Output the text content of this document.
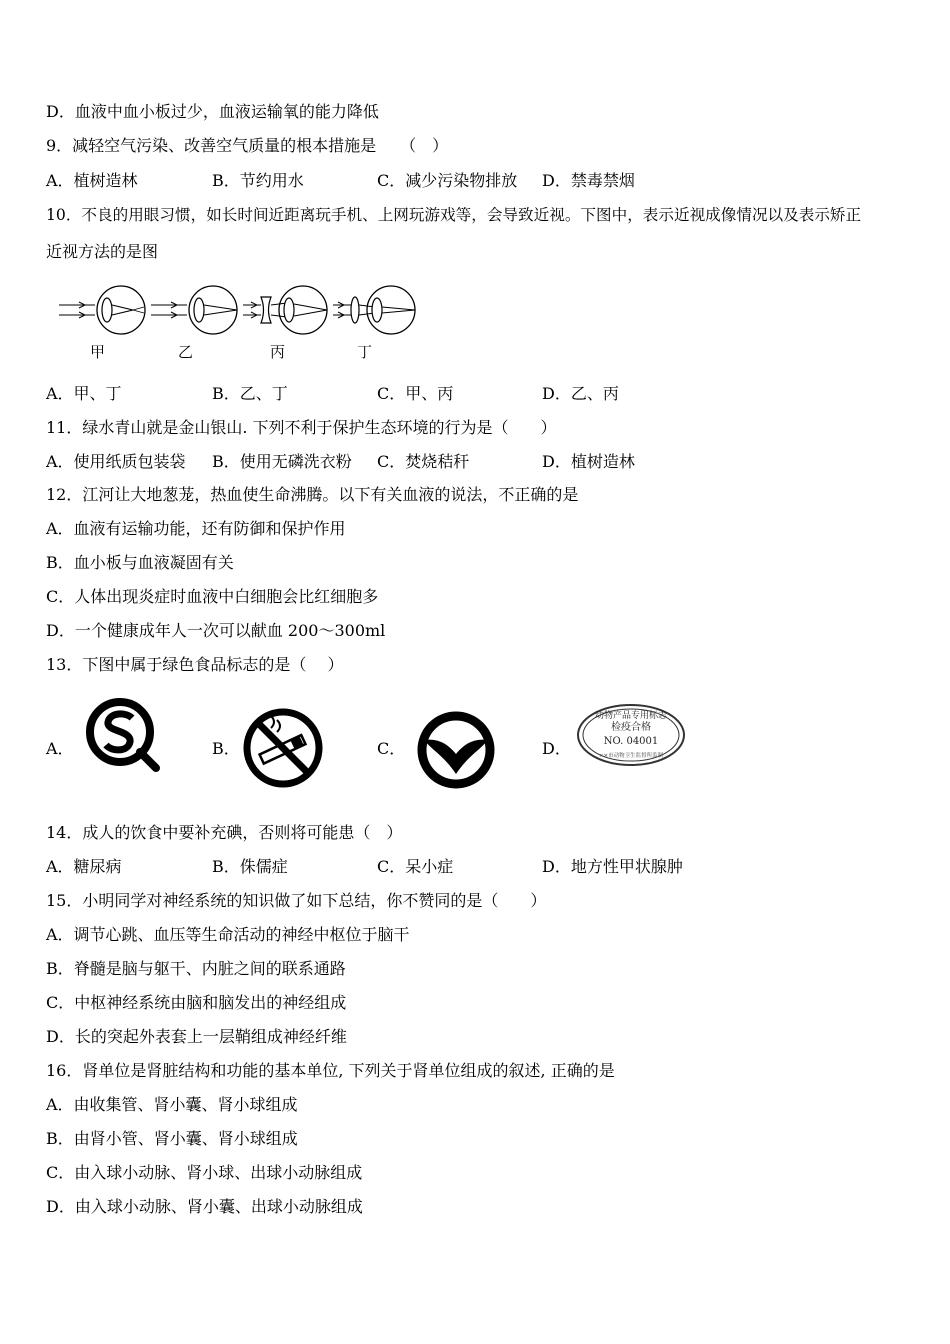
D．血液中血小板过少，血液运输氧的能力降低
9．减轻空气污染、改善空气质量的根本措施是　　（　）
A．植树造林	B．节约用水	C．减少污染物排放 D．禁毒禁烟
10．不良的用眼习惯，如长时间近距离玩手机、上网玩游戏等，会导致近视。下图中，表示近视成像情况以及表示矫正
近视方法的是图
甲	乙	丙	丁
A．甲、丁	B．乙、丁	C．甲、丙	D．乙、丙
11．绿水青山就是金山银山. 下列不利于保护生态环境的行为是（　　）
A．使用纸质包装袋 B．使用无磷洗衣粉 C．焚烧秸秆	D．植树造林
12．江河让大地葱茏，热血使生命沸腾。以下有关血液的说法，不正确的是
A．血液有运输功能，还有防御和保护作用
B．血小板与血液凝固有关
C．人体出现炎症时血液中白细胞会比红细胞多
D．一个健康成年人一次可以献血 200～300ml
13．下图中属于绿色食品标志的是（　 ）
A．	B．	C．	D．
动物产品专用标志
检疫合格
NO. 04001
××市动物卫生监督所监制
14．成人的饮食中要补充碘，否则将可能患（　）
A．糖尿病	B．侏儒症	C．呆小症	D．地方性甲状腺肿
15．小明同学对神经系统的知识做了如下总结，你不赞同的是（　　）
A．调节心跳、血压等生命活动的神经中枢位于脑干
B．脊髓是脑与躯干、内脏之间的联系通路
C．中枢神经系统由脑和脑发出的神经组成
D．长的突起外表套上一层鞘组成神经纤维
16．肾单位是肾脏结构和功能的基本单位, 下列关于肾单位组成的叙述, 正确的是
A．由收集管、肾小囊、肾小球组成
B．由肾小管、肾小囊、肾小球组成
C．由入球小动脉、肾小球、出球小动脉组成
D．由入球小动脉、肾小囊、出球小动脉组成
